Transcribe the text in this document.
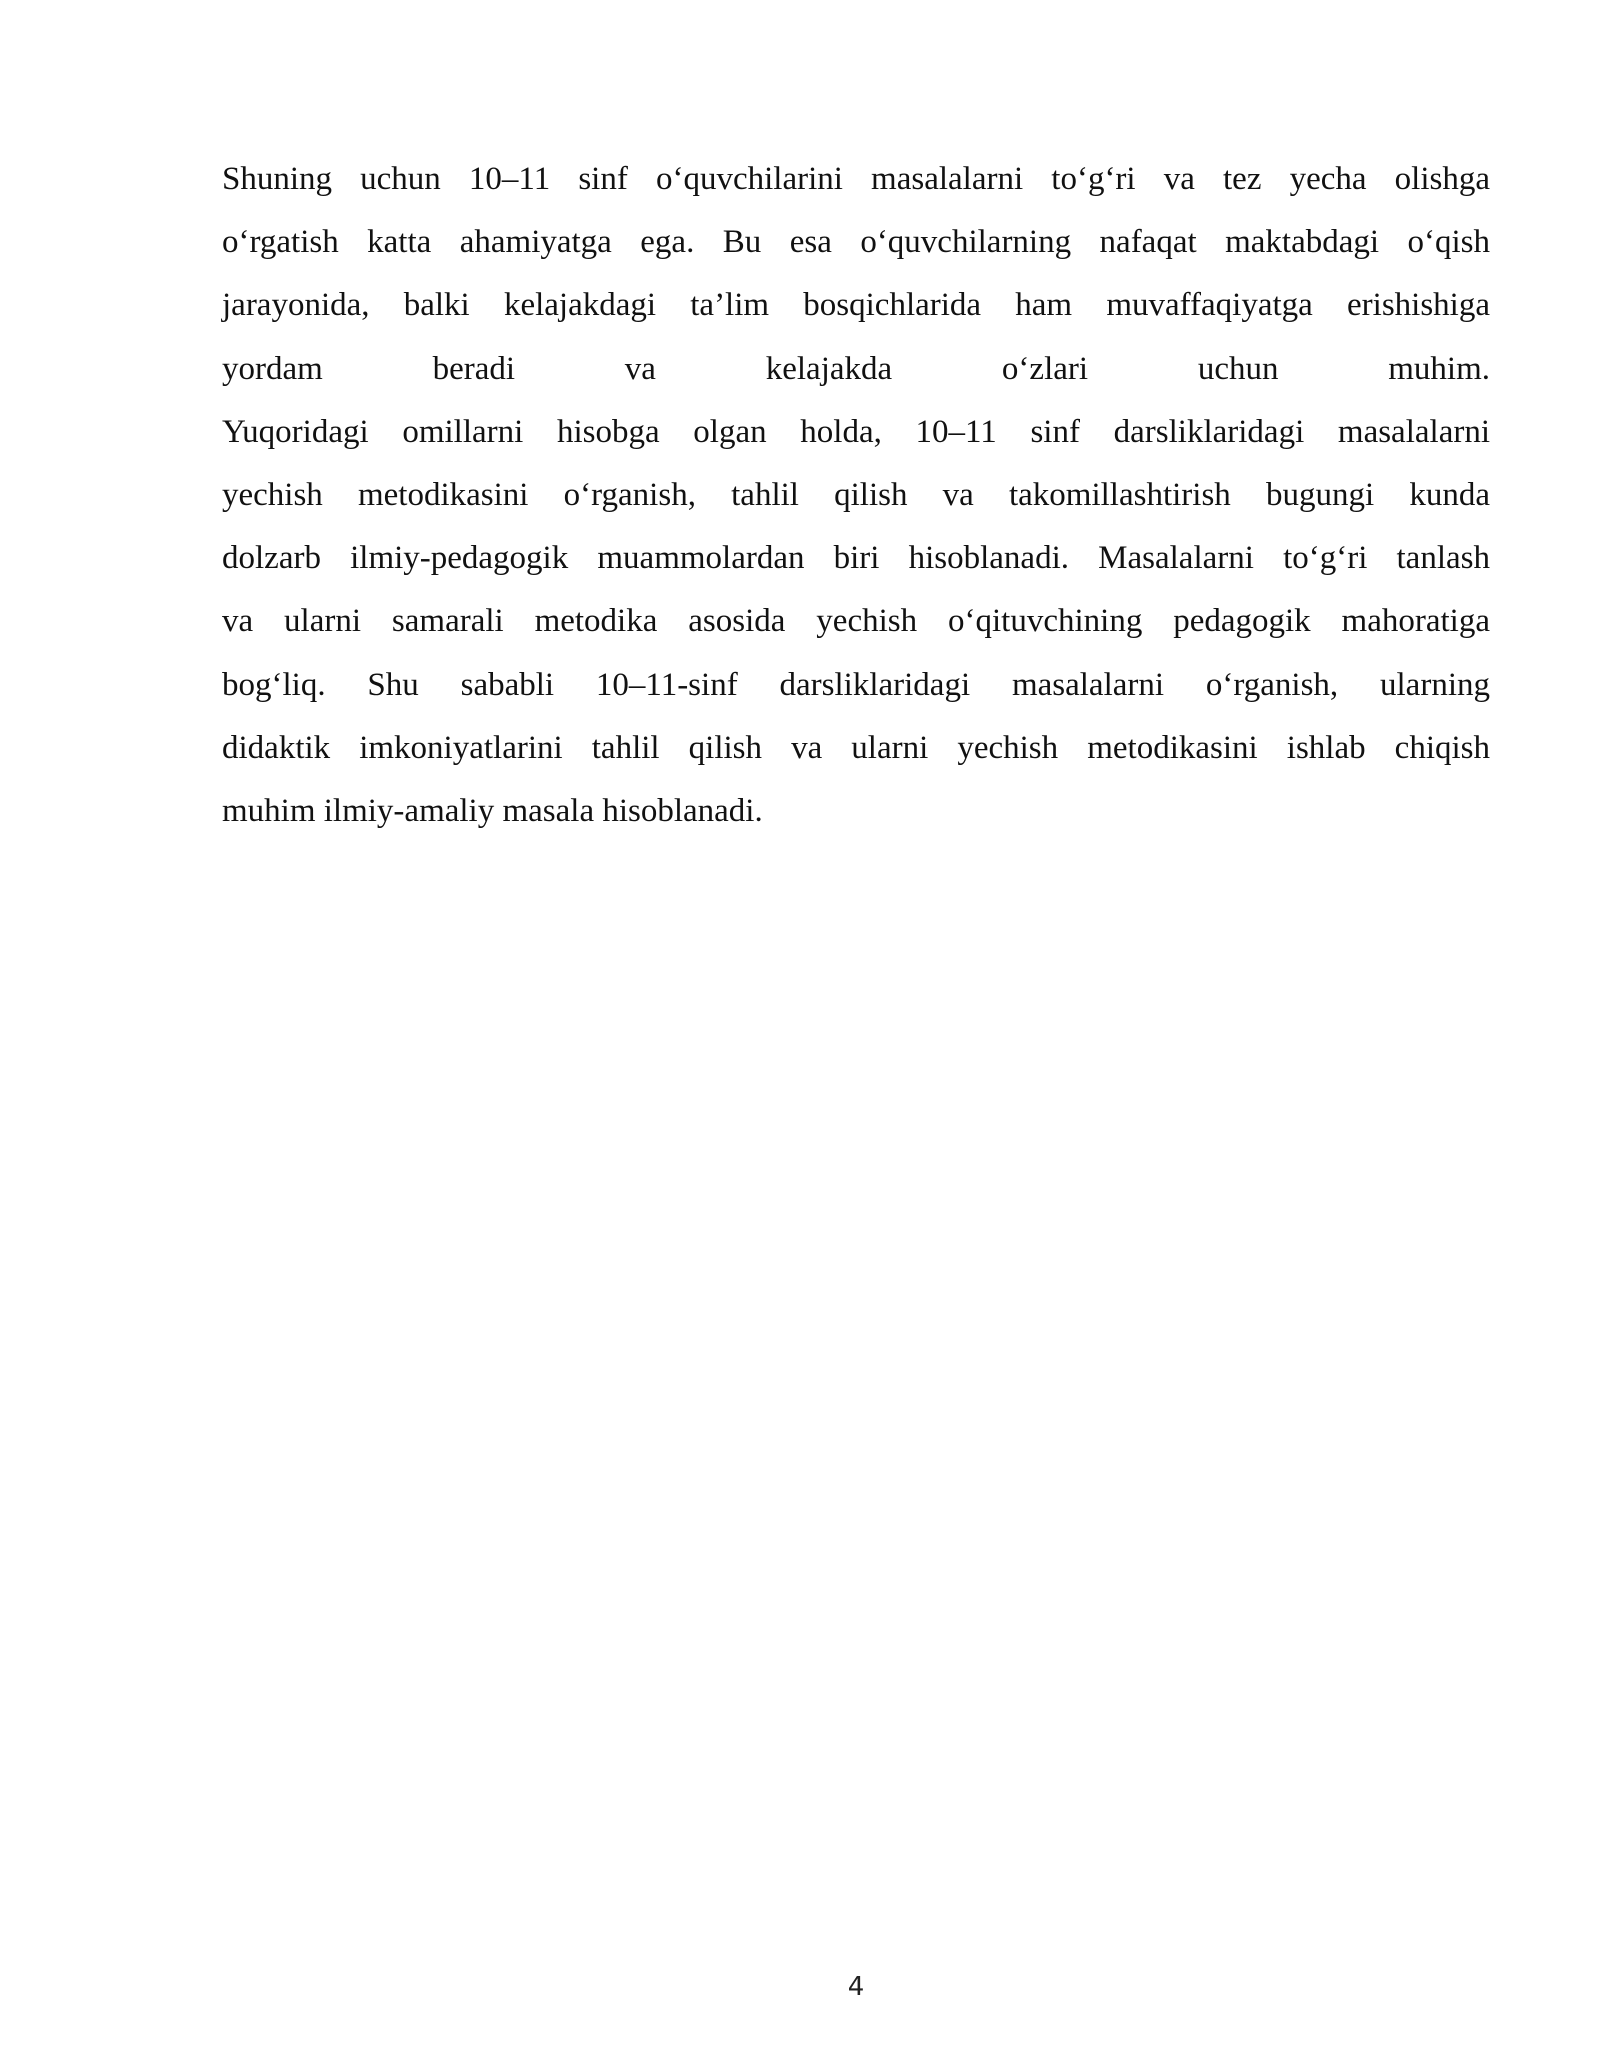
Shuning uchun 10–11 sinf o‘quvchilarini masalalarni to‘g‘ri va tez yecha olishga
o‘rgatish katta ahamiyatga ega. Bu esa o‘quvchilarning nafaqat maktabdagi o‘qish
jarayonida, balki kelajakdagi ta’lim bosqichlarida ham muvaffaqiyatga erishishiga
yordam beradi va kelajakda o‘zlari uchun muhim.
Yuqoridagi omillarni hisobga olgan holda, 10–11 sinf darsliklaridagi masalalarni
yechish metodikasini o‘rganish, tahlil qilish va takomillashtirish bugungi kunda
dolzarb ilmiy-pedagogik muammolardan biri hisoblanadi. Masalalarni to‘g‘ri tanlash
va ularni samarali metodika asosida yechish o‘qituvchining pedagogik mahoratiga
bog‘liq. Shu sababli 10–11-sinf darsliklaridagi masalalarni o‘rganish, ularning
didaktik imkoniyatlarini tahlil qilish va ularni yechish metodikasini ishlab chiqish
muhim ilmiy-amaliy masala hisoblanadi.
4
